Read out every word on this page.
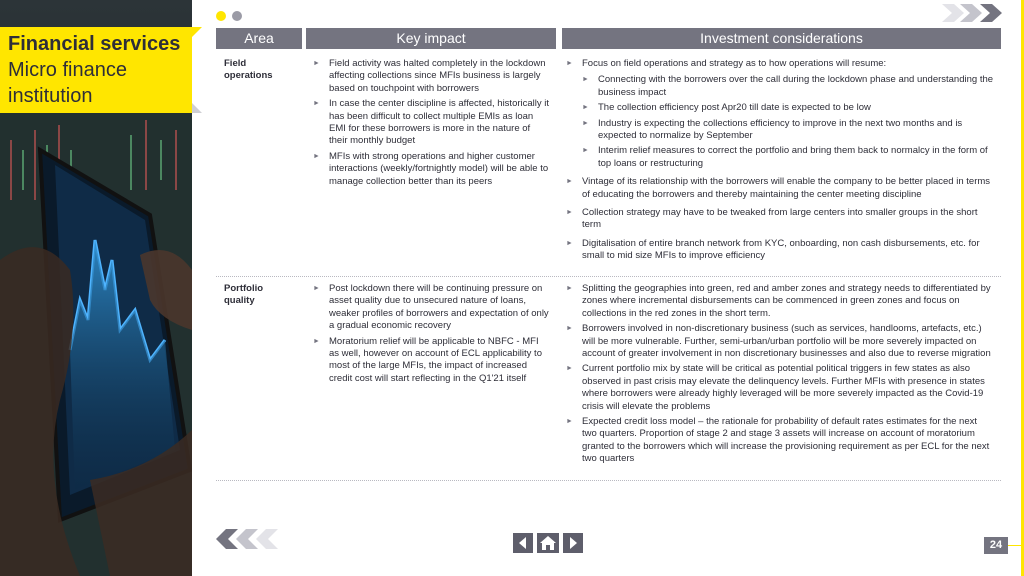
Financial services
Micro finance
institution
Area	Key impact	Investment considerations
Field
operations
► Field activity was halted completely in the lockdown affecting collections since MFIs business is largely based on touchpoint with borrowers
► In case the center discipline is affected, historically it has been difficult to collect multiple EMIs as loan EMI for these borrowers is more in the nature of their monthly budget
► MFIs with strong operations and higher customer interactions (weekly/fortnightly model) will be able to manage collection better than its peers
► Focus on field operations and strategy as to how operations will resume:
► Connecting with the borrowers over the call during the lockdown phase and understanding the business impact
► The collection efficiency post Apr20 till date is expected to be low
► Industry is expecting the collections efficiency to improve in the next two months and is expected to normalize by September
► Interim relief measures to correct the portfolio and bring them back to normalcy in the form of top loans or restructuring
► Vintage of its relationship with the borrowers will enable the company to be better placed in terms of educating the borrowers and thereby maintaining the center meeting discipline
► Collection strategy may have to be tweaked from large centers into smaller groups in the short term
► Digitalisation of entire branch network from KYC, onboarding, non cash disbursements, etc. for small to mid size MFIs to improve efficiency
Portfolio
quality
► Post lockdown there will be continuing pressure on asset quality due to unsecured nature of loans, weaker profiles of borrowers and expectation of only a gradual economic recovery
► Moratorium relief will be applicable to NBFC - MFI as well, however on account of ECL applicability to most of the large MFIs, the impact of increased credit cost will start reflecting in the Q1'21 itself
► Splitting the geographies into green, red and amber zones and strategy needs to differentiated by zones where incremental disbursements can be commenced in green zones and focus on collections in the red zones in the short term.
► Borrowers involved in non-discretionary business (such as services, handlooms, artefacts, etc.) will be more vulnerable. Further, semi-urban/urban portfolio will be more severely impacted on account of greater involvement in non discretionary businesses and also due to reverse migration
► Current portfolio mix by state will be critical as potential political triggers in few states as also observed in past crisis may elevate the delinquency levels. Further MFIs with presence in states where borrowers were already highly leveraged will be more severely impacted as the Covid-19 crisis will elevate the problems
► Expected credit loss model – the rationale for probability of default rates estimates for the next two quarters. Proportion of stage 2 and stage 3 assets will increase on account of moratorium granted to the borrowers which will increase the provisioning requirement as per ECL for the next two quarters
24
